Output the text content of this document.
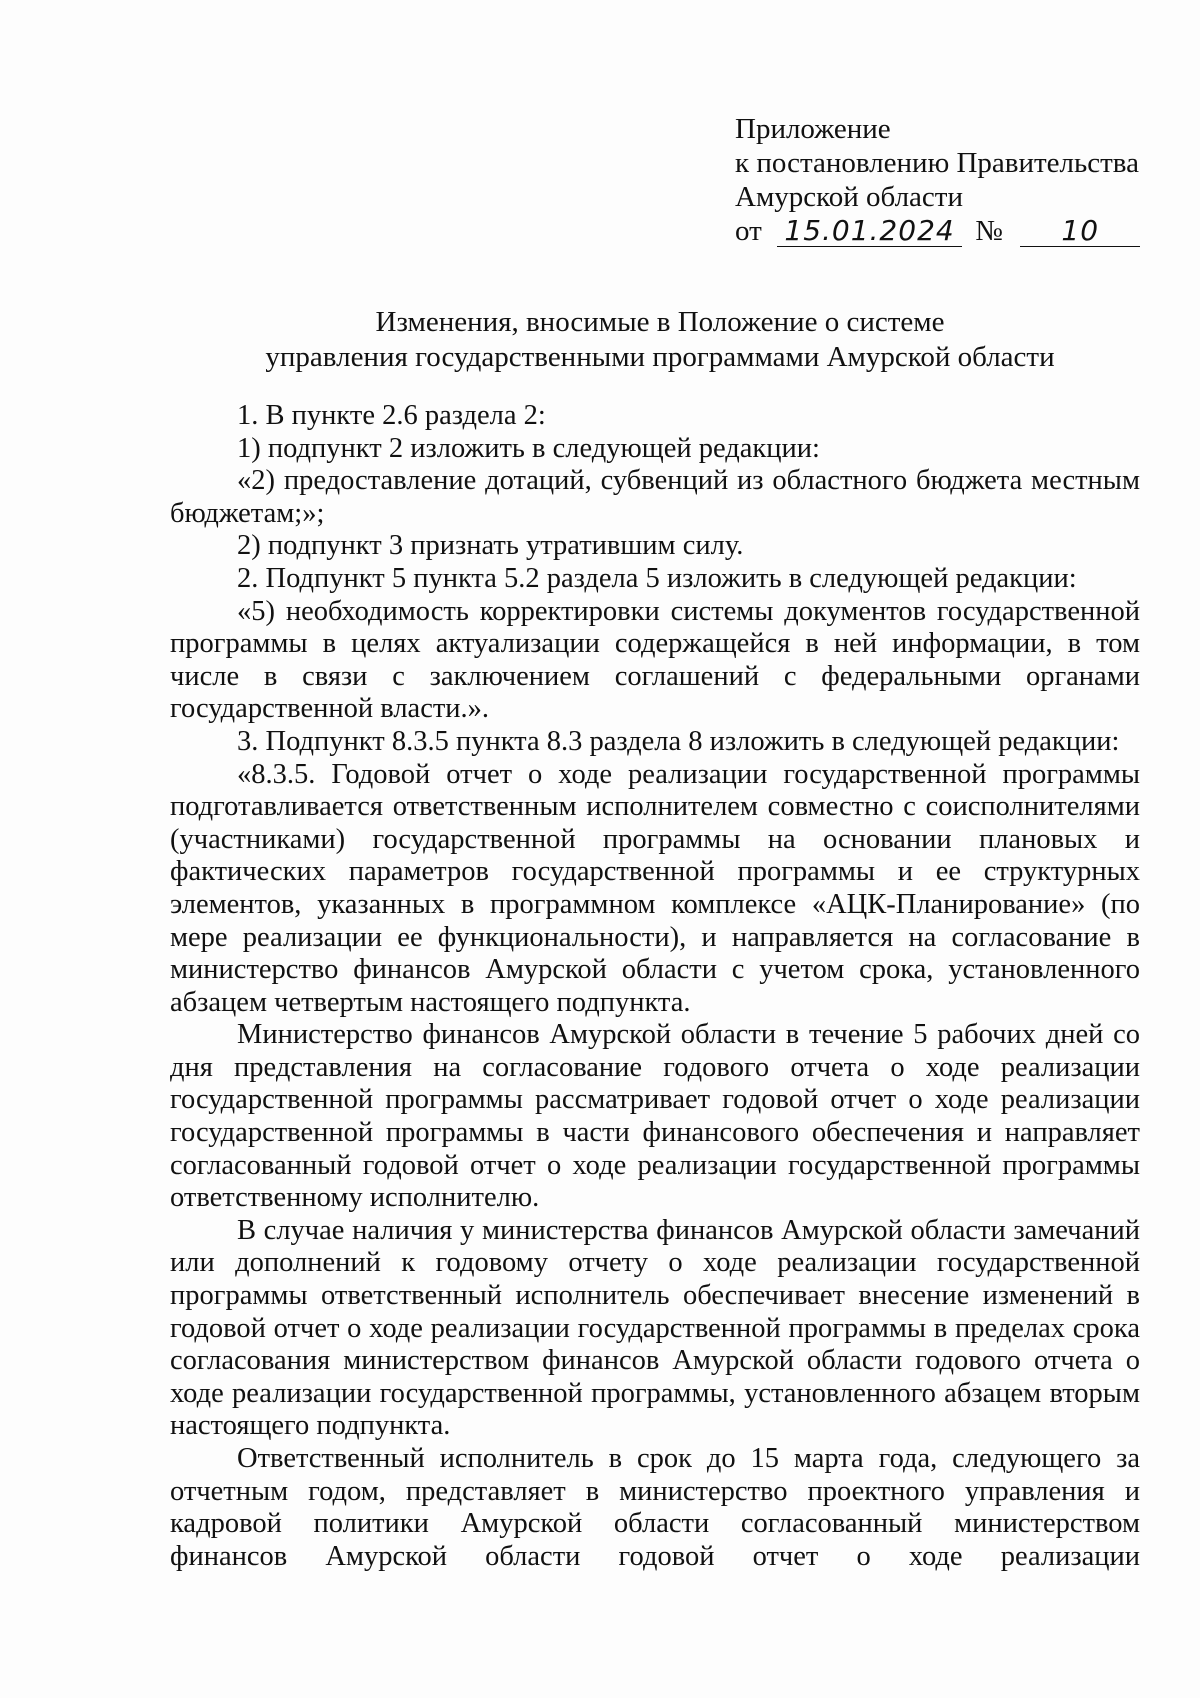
Приложение
к постановлению Правительства
Амурской области
от 15.01.2024 № 10
Изменения, вносимые в Положение о системе
управления государственными программами Амурской области

1. В пункте 2.6 раздела 2:

1) подпункт 2 изложить в следующей редакции:

«2) предоставление дотаций, субвенций из областного бюджета местным бюджетам;»;

2) подпункт 3 признать утратившим силу.

2. Подпункт 5 пункта 5.2 раздела 5 изложить в следующей редакции:

«5) необходимость корректировки системы документов государственной программы в целях актуализации содержащейся в ней информации, в том числе в связи с заключением соглашений с федеральными органами государственной власти.».

3. Подпункт 8.3.5 пункта 8.3 раздела 8 изложить в следующей редакции:

«8.3.5. Годовой отчет о ходе реализации государственной программы подготавливается ответственным исполнителем совместно с соисполнителями (участниками) государственной программы на основании плановых и фактических параметров государственной программы и ее структурных элементов, указанных в программном комплексе «АЦК-Планирование» (по мере реализации ее функциональности), и направляется на согласование в министерство финансов Амурской области с учетом срока, установленного абзацем четвертым настоящего подпункта.

Министерство финансов Амурской области в течение 5 рабочих дней со дня представления на согласование годового отчета о ходе реализации государственной программы рассматривает годовой отчет о ходе реализации государственной программы в части финансового обеспечения и направляет согласованный годовой отчет о ходе реализации государственной программы ответственному исполнителю.

В случае наличия у министерства финансов Амурской области замечаний или дополнений к годовому отчету о ходе реализации государственной программы ответственный исполнитель обеспечивает внесение изменений в годовой отчет о ходе реализации государственной программы в пределах срока согласования министерством финансов Амурской области годового отчета о ходе реализации государственной программы, установленного абзацем вторым настоящего подпункта.

Ответственный исполнитель в срок до 15 марта года, следующего за отчетным годом, представляет в министерство проектного управления и кадровой политики Амурской области согласованный министерством финансов Амурской области годовой отчет о ходе реализации
